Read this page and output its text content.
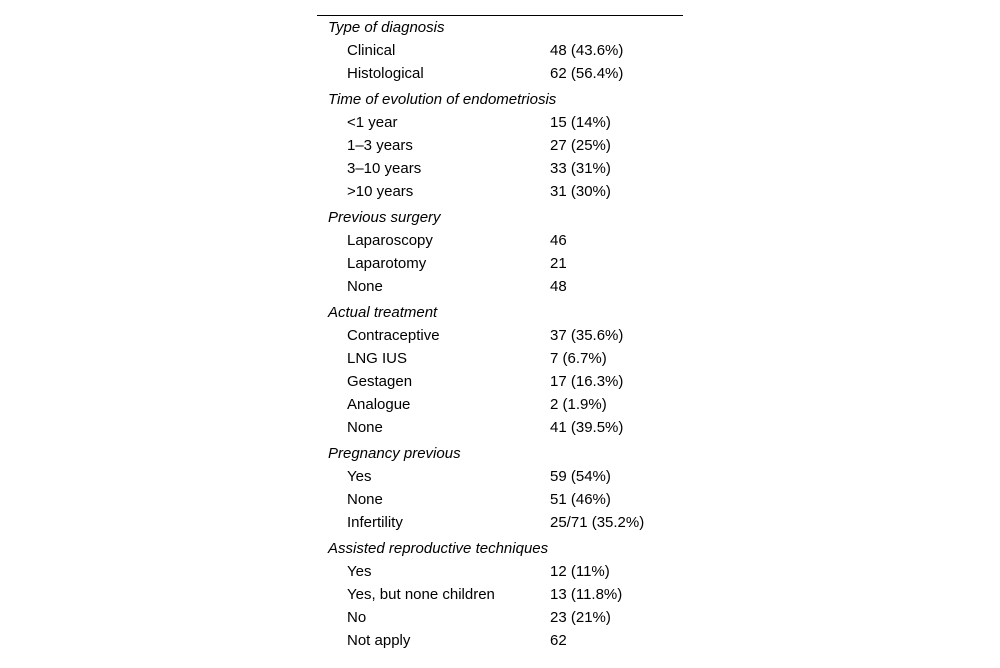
Type of diagnosis
Clinical	48 (43.6%)
Histological	62 (56.4%)
Time of evolution of endometriosis
<1 year	15 (14%)
1–3 years	27 (25%)
3–10 years	33 (31%)
>10 years	31 (30%)
Previous surgery
Laparoscopy	46
Laparotomy	21
None	48
Actual treatment
Contraceptive	37 (35.6%)
LNG IUS	7 (6.7%)
Gestagen	17 (16.3%)
Analogue	2 (1.9%)
None	41 (39.5%)
Pregnancy previous
Yes	59 (54%)
None	51 (46%)
Infertility	25/71 (35.2%)
Assisted reproductive techniques
Yes	12 (11%)
Yes, but none children	13 (11.8%)
No	23 (21%)
Not apply	62
